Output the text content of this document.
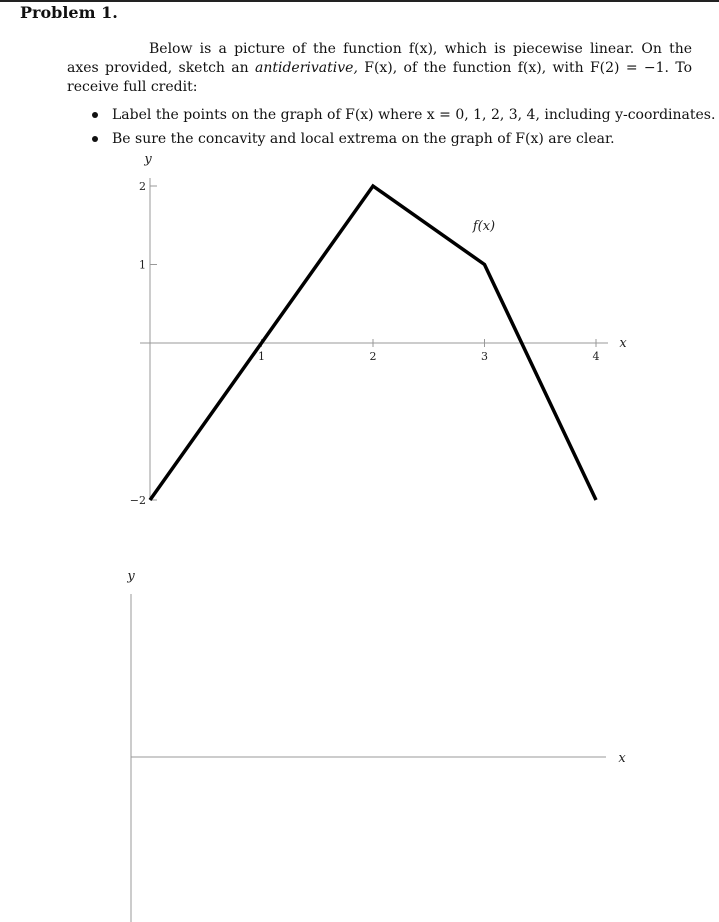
Problem 1.
Below is a picture of the function f(x), which is piecewise linear. On the axes provided, sketch an antiderivative, F(x), of the function f(x), with F(2) = −1. To receive full credit:
Label the points on the graph of F(x) where x = 0, 1, 2, 3, 4, including y-coordinates.
Be sure the concavity and local extrema on the graph of F(x) are clear.
y
x
1	2	3	4
−2
1
2
f(x)
y
x
